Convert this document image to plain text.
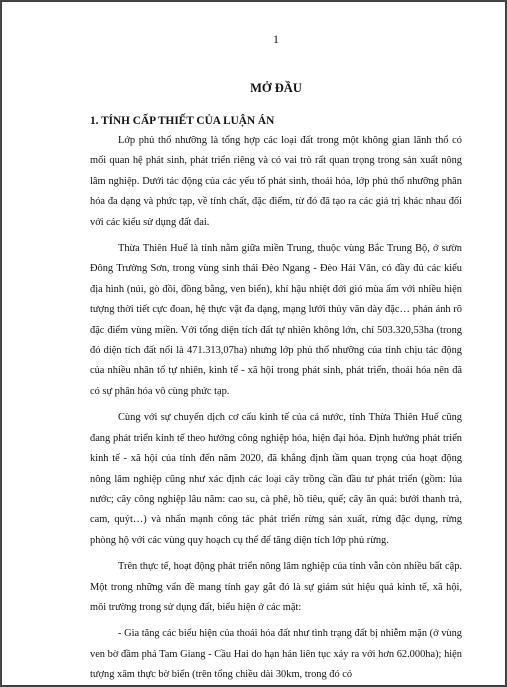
1
MỞ ĐẦU
1. TÍNH CẤP THIẾT CỦA LUẬN ÁN

Lớp phủ thổ nhưỡng là tổng hợp các loại đất trong một không gian lãnh thổ có mối quan hệ phát sinh, phát triển riêng và có vai trò rất quan trọng trong sản xuất nông lâm nghiệp. Dưới tác động của các yếu tố phát sinh, thoái hóa, lớp phủ thổ nhưỡng phân hóa đa dạng và phức tạp, về tính chất, đặc điểm, từ đó đã tạo ra các giá trị khác nhau đối với các kiểu sử dụng đất đai.

Thừa Thiên Huế là tỉnh nằm giữa miền Trung, thuộc vùng Bắc Trung Bộ, ở sườn Đông Trường Sơn, trong vùng sinh thái Đèo Ngang - Đèo Hải Vân, có đầy đủ các kiểu địa hình (núi, gò đồi, đồng bằng, ven biển), khí hậu nhiệt đới gió mùa ẩm với nhiều hiện tượng thời tiết cực đoan, hệ thực vật đa dạng, mạng lưới thủy văn dày đặc… phản ánh rõ đặc điểm vùng miền. Với tổng diện tích đất tự nhiên không lớn, chỉ 503.320,53ha (trong đó diện tích đất nổi là 471.313,07ha) nhưng lớp phủ thổ nhưỡng của tỉnh chịu tác động của nhiều nhân tố tự nhiên, kinh tế - xã hội trong phát sinh, phát triển, thoái hóa nên đã có sự phân hóa vô cùng phức tạp.

Cùng với sự chuyển dịch cơ cấu kinh tế của cả nước, tỉnh Thừa Thiên Huế cũng đang phát triển kinh tế theo hướng công nghiệp hóa, hiện đại hóa. Định hướng phát triển kinh tế - xã hội của tỉnh đến năm 2020, đã khẳng định tầm quan trọng của hoạt động nông lâm nghiệp cũng như xác định các loại cây trồng cần đầu tư phát triển (gồm: lúa nước; cây công nghiệp lâu năm: cao su, cà phê, hồ tiêu, quế; cây ăn quả: bưởi thanh trà, cam, quýt…) và nhấn mạnh công tác phát triển rừng sản xuất, rừng đặc dụng, rừng phòng hộ với các vùng quy hoạch cụ thể để tăng diện tích lớp phủ rừng.

Trên thực tế, hoạt động phát triển nông lâm nghiệp của tỉnh vẫn còn nhiều bất cập. Một trong những vấn đề mang tính gay gắt đó là sự giảm sút hiệu quả kinh tế, xã hội, môi trường trong sử dụng đất, biểu hiện ở các mặt:

- Gia tăng các biểu hiện của thoái hóa đất như tình trạng đất bị nhiễm mặn (ở vùng ven bờ đầm phá Tam Giang - Cầu Hai do hạn hán liên tục xảy ra với hơn 62.000ha); hiện tượng xâm thực bờ biển (trên tổng chiều dài 30km, trong đó có
